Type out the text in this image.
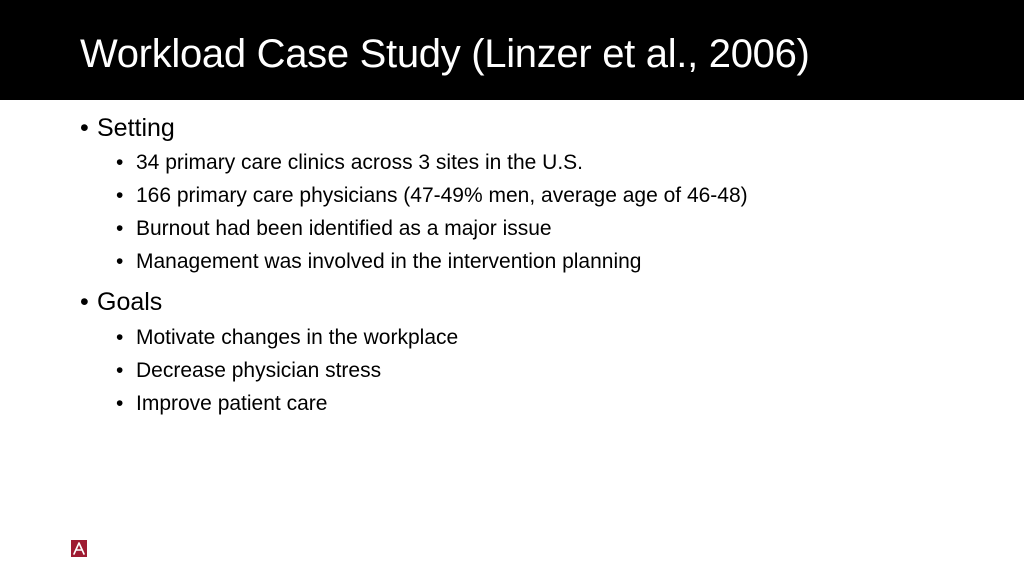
Workload Case Study (Linzer et al., 2006)
• Setting
• 34 primary care clinics across 3 sites in the U.S.
• 166 primary care physicians (47-49% men, average age of 46-48)
• Burnout had been identified as a major issue
• Management was involved in the intervention planning
• Goals
• Motivate changes in the workplace
• Decrease physician stress
• Improve patient care
